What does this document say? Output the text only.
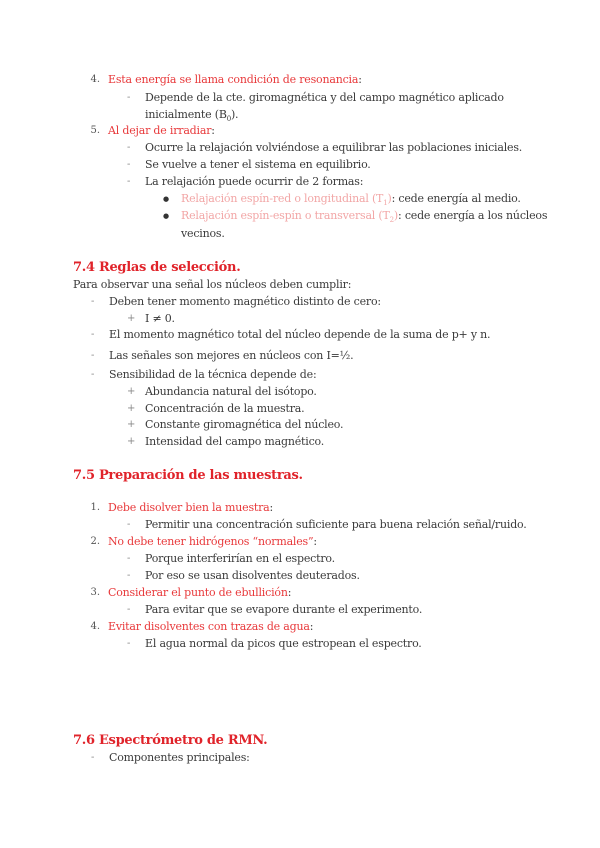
4. Esta energía se llama condición de resonancia:
- Depende de la cte. giromagnética y del campo magnético aplicado
inicialmente $(B_0)$.
5. Al dejar de irradiar:
- Ocurre la relajación volviéndose a equilibrar las poblaciones iniciales.
- Se vuelve a tener el sistema en equilibrio.
- La relajación puede ocurrir de 2 formas:
● Relajación espín-red o longitudinal $(T_1)$: cede energía al medio.
● Relajación espín-espín o transversal $(T_2)$: cede energía a los núcleos
vecinos.
7.4 Reglas de selección.
Para observar una señal los núcleos deben cumplir:
- Deben tener momento magnético distinto de cero:
+ I ≠ 0.
- El momento magnético total del núcleo depende de la suma de p+ y n.
- Las señales son mejores en núcleos con I=½.
- Sensibilidad de la técnica depende de:
+ Abundancia natural del isótopo.
+ Concentración de la muestra.
+ Constante giromagnética del núcleo.
+ Intensidad del campo magnético.
7.5 Preparación de las muestras.
1. Debe disolver bien la muestra:
- Permitir una concentración suficiente para buena relación señal/ruido.
2. No debe tener hidrógenos “normales”:
- Porque interferirían en el espectro.
- Por eso se usan disolventes deuterados.
3. Considerar el punto de ebullición:
- Para evitar que se evapore durante el experimento.
4. Evitar disolventes con trazas de agua:
- El agua normal da picos que estropean el espectro.
7.6 Espectrómetro de RMN.
- Componentes principales:
